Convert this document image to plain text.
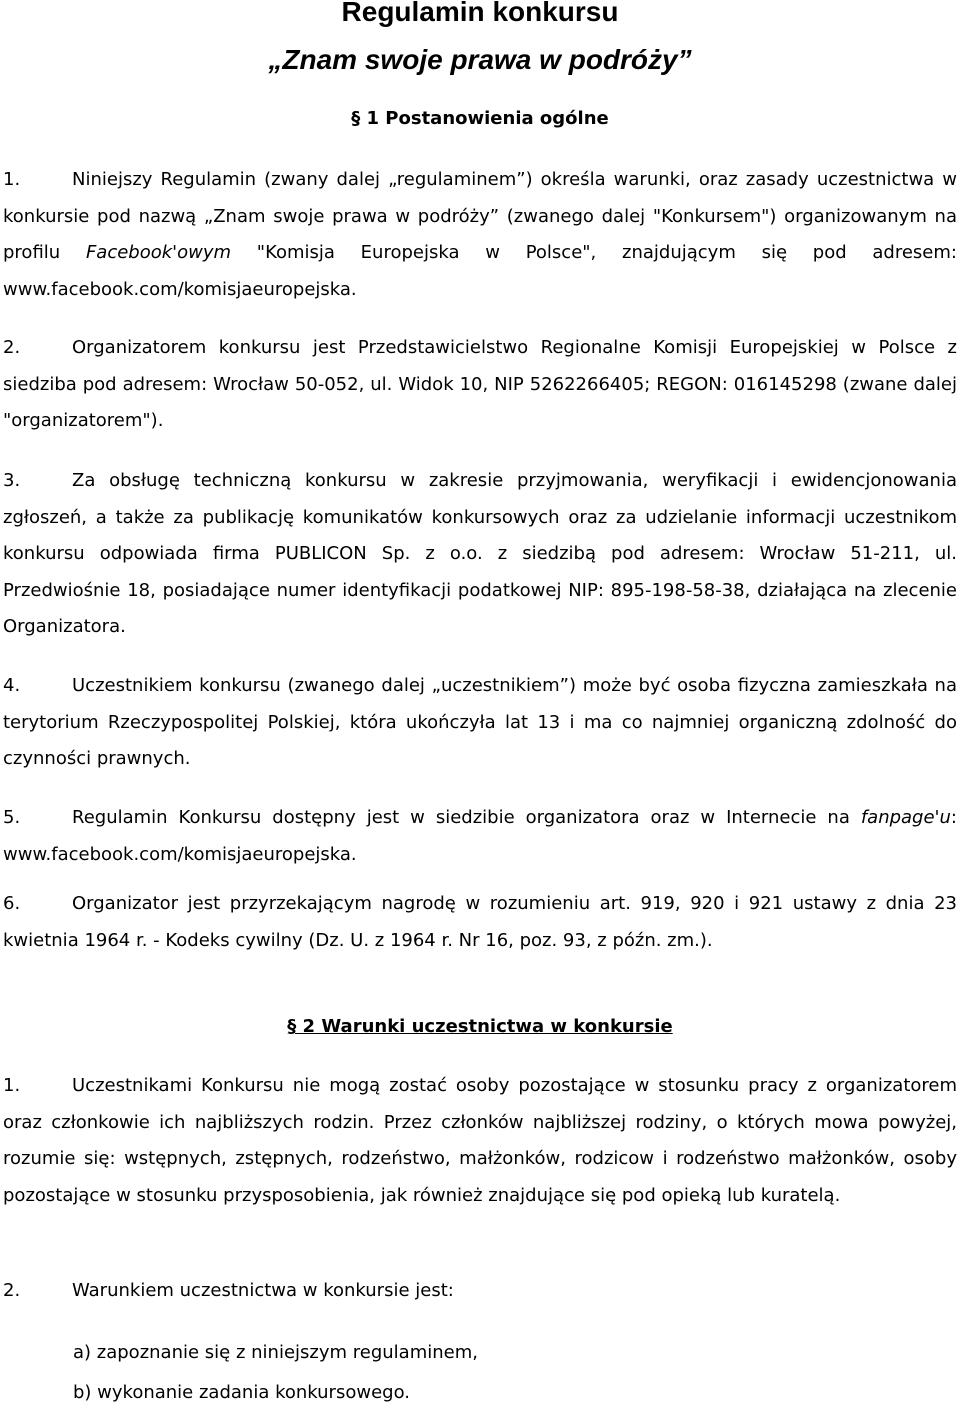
Regulamin konkursu
„Znam swoje prawa w podróży”
§ 1 Postanowienia ogólne

1.	Niniejszy Regulamin (zwany dalej „regulaminem”) określa warunki, oraz zasady uczestnictwa w konkursie pod nazwą „Znam swoje prawa w podróży” (zwanego dalej "Konkursem") organizowanym na profilu Facebook'owym "Komisja Europejska w Polsce", znajdującym się pod adresem: www.facebook.com/komisjaeuropejska.

2.	Organizatorem konkursu jest Przedstawicielstwo Regionalne Komisji Europejskiej w Polsce z siedziba pod adresem: Wrocław 50-052, ul. Widok 10, NIP 5262266405; REGON: 016145298 (zwane dalej "organizatorem").

3.	Za obsługę techniczną konkursu w zakresie przyjmowania, weryfikacji i ewidencjonowania zgłoszeń, a także za publikację komunikatów konkursowych oraz za udzielanie informacji uczestnikom konkursu odpowiada firma PUBLICON Sp. z o.o. z siedzibą pod adresem: Wrocław 51-211, ul. Przedwiośnie 18, posiadające numer identyfikacji podatkowej NIP: 895-198-58-38, działająca na zlecenie Organizatora.

4.	Uczestnikiem konkursu (zwanego dalej „uczestnikiem”) może być osoba fizyczna zamieszkała na terytorium Rzeczypospolitej Polskiej, która ukończyła lat 13 i ma co najmniej organiczną zdolność do czynności prawnych.

5.	Regulamin Konkursu dostępny jest w siedzibie organizatora oraz w Internecie na fanpage'u: www.facebook.com/komisjaeuropejska.

6.	Organizator jest przyrzekającym nagrodę w rozumieniu art. 919, 920 i 921 ustawy z dnia 23 kwietnia 1964 r. - Kodeks cywilny (Dz. U. z 1964 r. Nr 16, poz. 93, z późn. zm.).

§ 2 Warunki uczestnictwa w konkursie

1.	Uczestnikami Konkursu nie mogą zostać osoby pozostające w stosunku pracy z organizatorem oraz członkowie ich najbliższych rodzin. Przez członków najbliższej rodziny, o których mowa powyżej, rozumie się: wstępnych, zstępnych, rodzeństwo, małżonków, rodzicow i rodzeństwo małżonków, osoby pozostające w stosunku przysposobienia, jak również znajdujące się pod opieką lub kuratelą.

2.	Warunkiem uczestnictwa w konkursie jest:

a) zapoznanie się z niniejszym regulaminem,

b) wykonanie zadania konkursowego.
